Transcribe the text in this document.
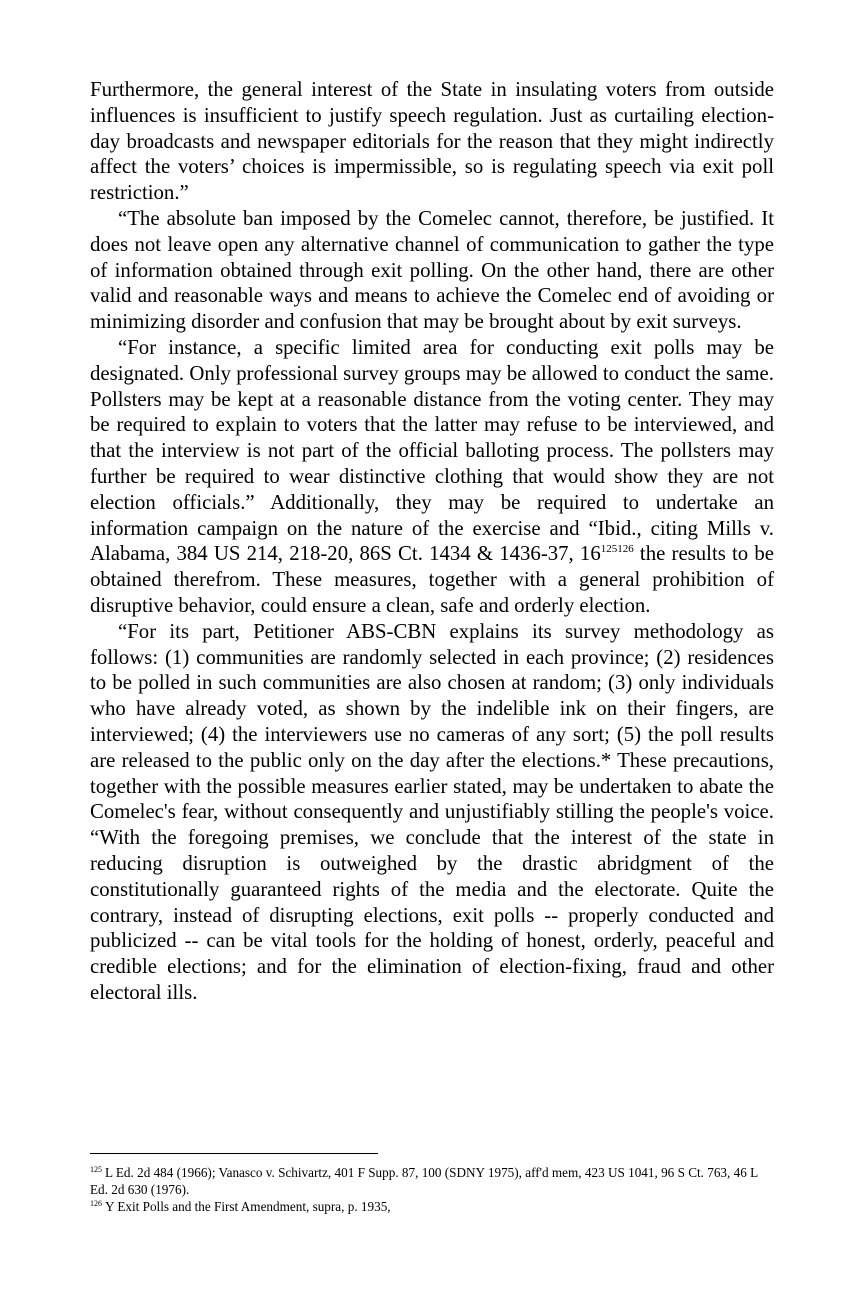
Furthermore, the general interest of the State in insulating voters from outside influences is insufficient to justify speech regulation. Just as curtailing election-day broadcasts and newspaper editorials for the reason that they might indirectly affect the voters’ choices is impermissible, so is regulating speech via exit poll restriction.”

“The absolute ban imposed by the Comelec cannot, therefore, be justified. It does not leave open any alternative channel of communication to gather the type of information obtained through exit polling. On the other hand, there are other valid and reasonable ways and means to achieve the Comelec end of avoiding or minimizing disorder and confusion that may be brought about by exit surveys.

“For instance, a specific limited area for conducting exit polls may be designated. Only professional survey groups may be allowed to conduct the same. Pollsters may be kept at a reasonable distance from the voting center. They may be required to explain to voters that the latter may refuse to be interviewed, and that the interview is not part of the official balloting process. The pollsters may further be required to wear distinctive clothing that would show they are not election officials.” Additionally, they may be required to undertake an information campaign on the nature of the exercise and “Ibid., citing Mills v. Alabama, 384 US 214, 218-20, 86S Ct. 1434 & 1436-37, 16$^{125126}$ the results to be obtained therefrom. These measures, together with a general prohibition of disruptive behavior, could ensure a clean, safe and orderly election.

“For its part, Petitioner ABS-CBN explains its survey methodology as follows: (1) communities are randomly selected in each province; (2) residences to be polled in such communities are also chosen at random; (3) only individuals who have already voted, as shown by the indelible ink on their fingers, are interviewed; (4) the interviewers use no cameras of any sort; (5) the poll results are released to the public only on the day after the elections.* These precautions, together with the possible measures earlier stated, may be undertaken to abate the Comelec's fear, without consequently and unjustifiably stilling the people's voice. “With the foregoing premises, we conclude that the interest of the state in reducing disruption is outweighed by the drastic abridgment of the constitutionally guaranteed rights of the media and the electorate. Quite the contrary, instead of disrupting elections, exit polls -- properly conducted and publicized -- can be vital tools for the holding of honest, orderly, peaceful and credible elections; and for the elimination of election-fixing, fraud and other electoral ills.

$^{125}$ L Ed. 2d 484 (1966); Vanasco v. Schivartz, 401 F Supp. 87, 100 (SDNY 1975), aff'd mem, 423 US 1041, 96 S Ct. 763, 46 L Ed. 2d 630 (1976).

$^{126}$ Y Exit Polls and the First Amendment, supra, p. 1935,
